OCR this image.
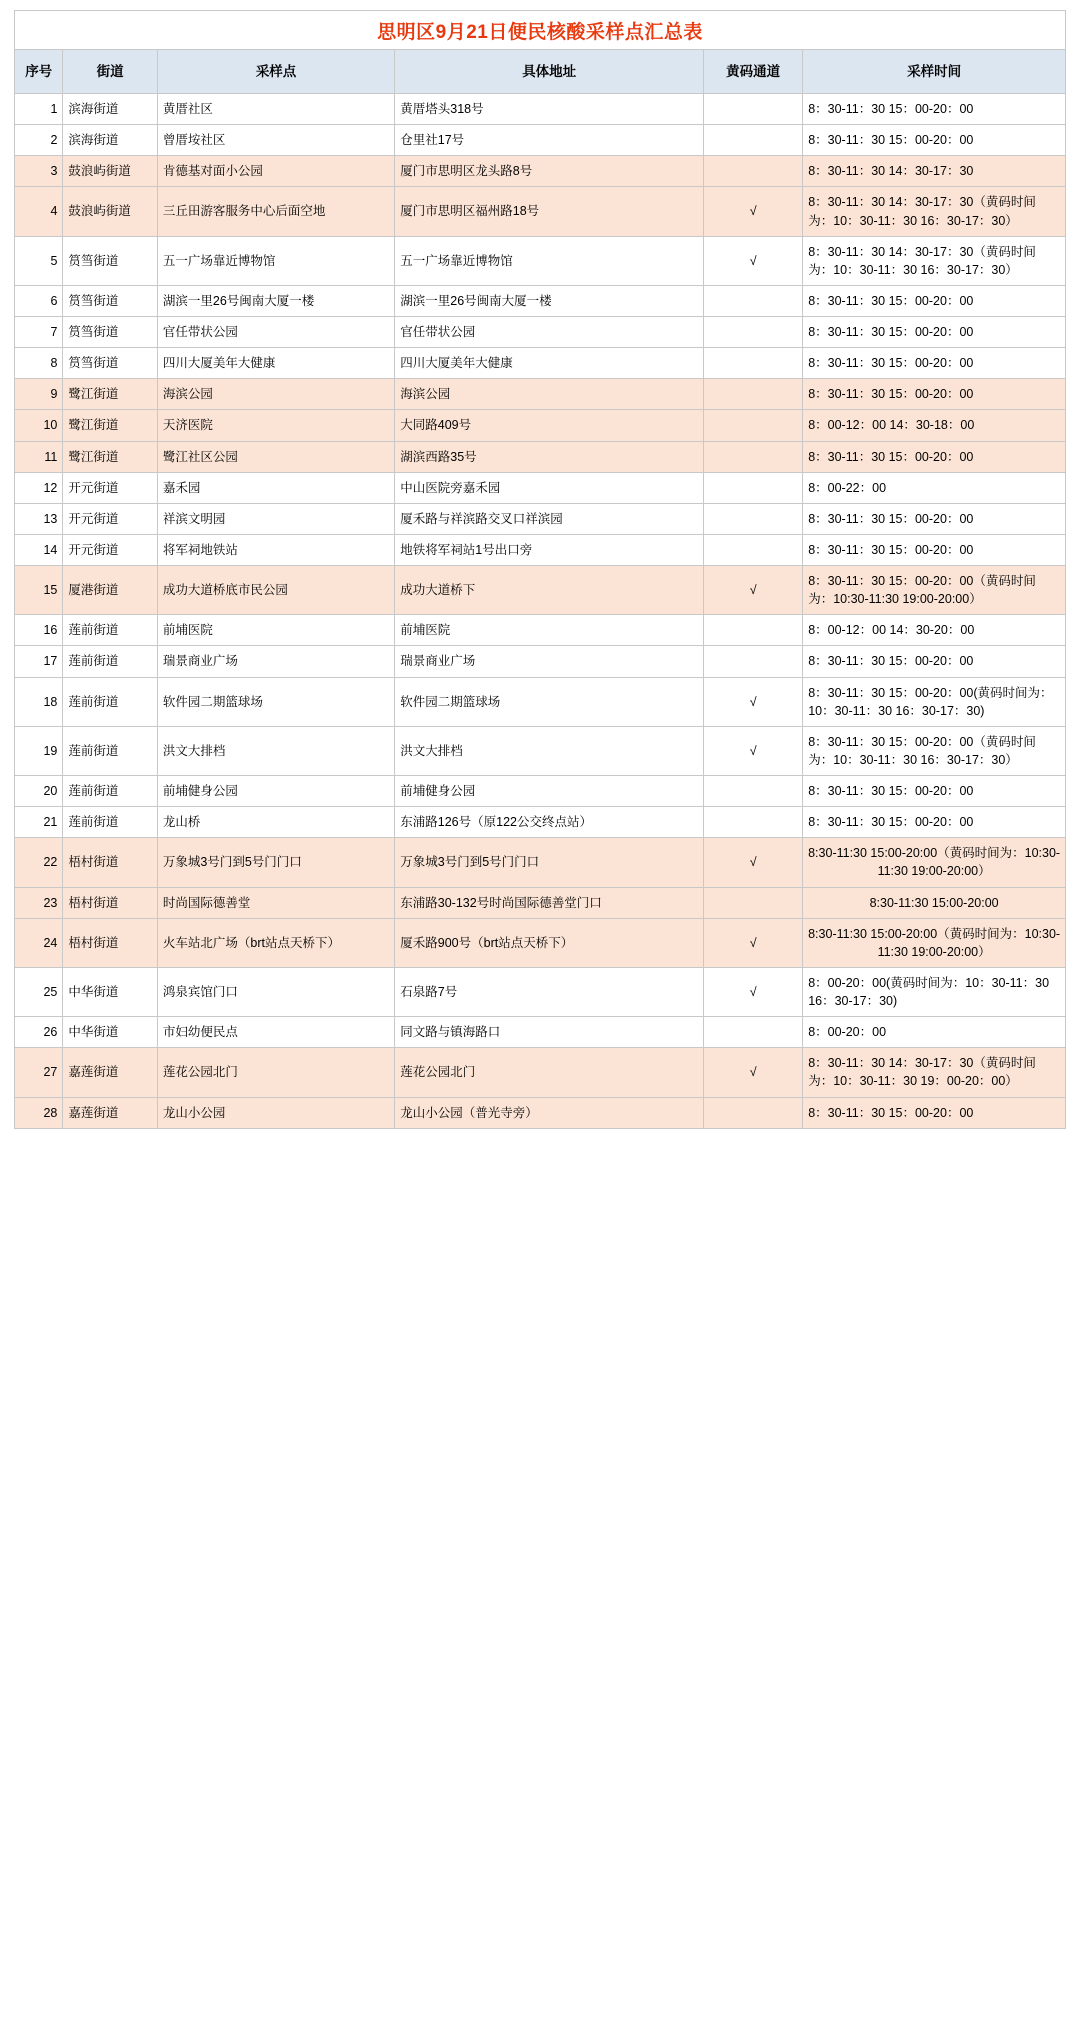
思明区9月21日便民核酸采样点汇总表
序号	街道	采样点	具体地址	黄码通道	采样时间
1	滨海街道	黄厝社区	黄厝塔头318号		8：30-11：30 15：00-20：00
2	滨海街道	曾厝垵社区	仓里社17号		8：30-11：30 15：00-20：00
3	鼓浪屿街道	肯德基对面小公园	厦门市思明区龙头路8号		8：30-11：30 14：30-17：30
4	鼓浪屿街道	三丘田游客服务中心后面空地	厦门市思明区福州路18号	√	8：30-11：30 14：30-17：30（黄码时间为：10：30-11：30 16：30-17：30）
5	筼筜街道	五一广场靠近博物馆	五一广场靠近博物馆	√	8：30-11：30 14：30-17：30（黄码时间为：10：30-11：30 16：30-17：30）
6	筼筜街道	湖滨一里26号闽南大厦一楼	湖滨一里26号闽南大厦一楼		8：30-11：30 15：00-20：00
7	筼筜街道	官任带状公园	官任带状公园		8：30-11：30 15：00-20：00
8	筼筜街道	四川大厦美年大健康	四川大厦美年大健康		8：30-11：30 15：00-20：00
9	鹭江街道	海滨公园	海滨公园		8：30-11：30 15：00-20：00
10	鹭江街道	天济医院	大同路409号		8：00-12：00 14：30-18：00
11	鹭江街道	鹭江社区公园	湖滨西路35号		8：30-11：30 15：00-20：00
12	开元街道	嘉禾园	中山医院旁嘉禾园		8：00-22：00
13	开元街道	祥滨文明园	厦禾路与祥滨路交叉口祥滨园		8：30-11：30 15：00-20：00
14	开元街道	将军祠地铁站	地铁将军祠站1号出口旁		8：30-11：30 15：00-20：00
15	厦港街道	成功大道桥底市民公园	成功大道桥下	√	8：30-11：30 15：00-20：00（黄码时间为：10:30-11:30 19:00-20:00）
16	莲前街道	前埔医院	前埔医院		8：00-12：00 14：30-20：00
17	莲前街道	瑞景商业广场	瑞景商业广场		8：30-11：30 15：00-20：00
18	莲前街道	软件园二期篮球场	软件园二期篮球场	√	8：30-11：30 15：00-20：00(黄码时间为：10：30-11：30 16：30-17：30)
19	莲前街道	洪文大排档	洪文大排档	√	8：30-11：30 15：00-20：00（黄码时间为：10：30-11：30 16：30-17：30）
20	莲前街道	前埔健身公园	前埔健身公园		8：30-11：30 15：00-20：00
21	莲前街道	龙山桥	东浦路126号（原122公交终点站）		8：30-11：30 15：00-20：00
22	梧村街道	万象城3号门到5号门门口	万象城3号门到5号门门口	√	8:30-11:30 15:00-20:00（黄码时间为：10:30-11:30 19:00-20:00）
23	梧村街道	时尚国际德善堂	东浦路30-132号时尚国际德善堂门口		8:30-11:30 15:00-20:00
24	梧村街道	火车站北广场（brt站点天桥下）	厦禾路900号（brt站点天桥下）	√	8:30-11:30 15:00-20:00（黄码时间为：10:30-11:30 19:00-20:00）
25	中华街道	鸿泉宾馆门口	石泉路7号	√	8：00-20：00(黄码时间为：10：30-11：30 16：30-17：30)
26	中华街道	市妇幼便民点	同文路与镇海路口		8：00-20：00
27	嘉莲街道	莲花公园北门	莲花公园北门	√	8：30-11：30 14：30-17：30（黄码时间为：10：30-11：30 19：00-20：00）
28	嘉莲街道	龙山小公园	龙山小公园（普光寺旁）		8：30-11：30 15：00-20：00
